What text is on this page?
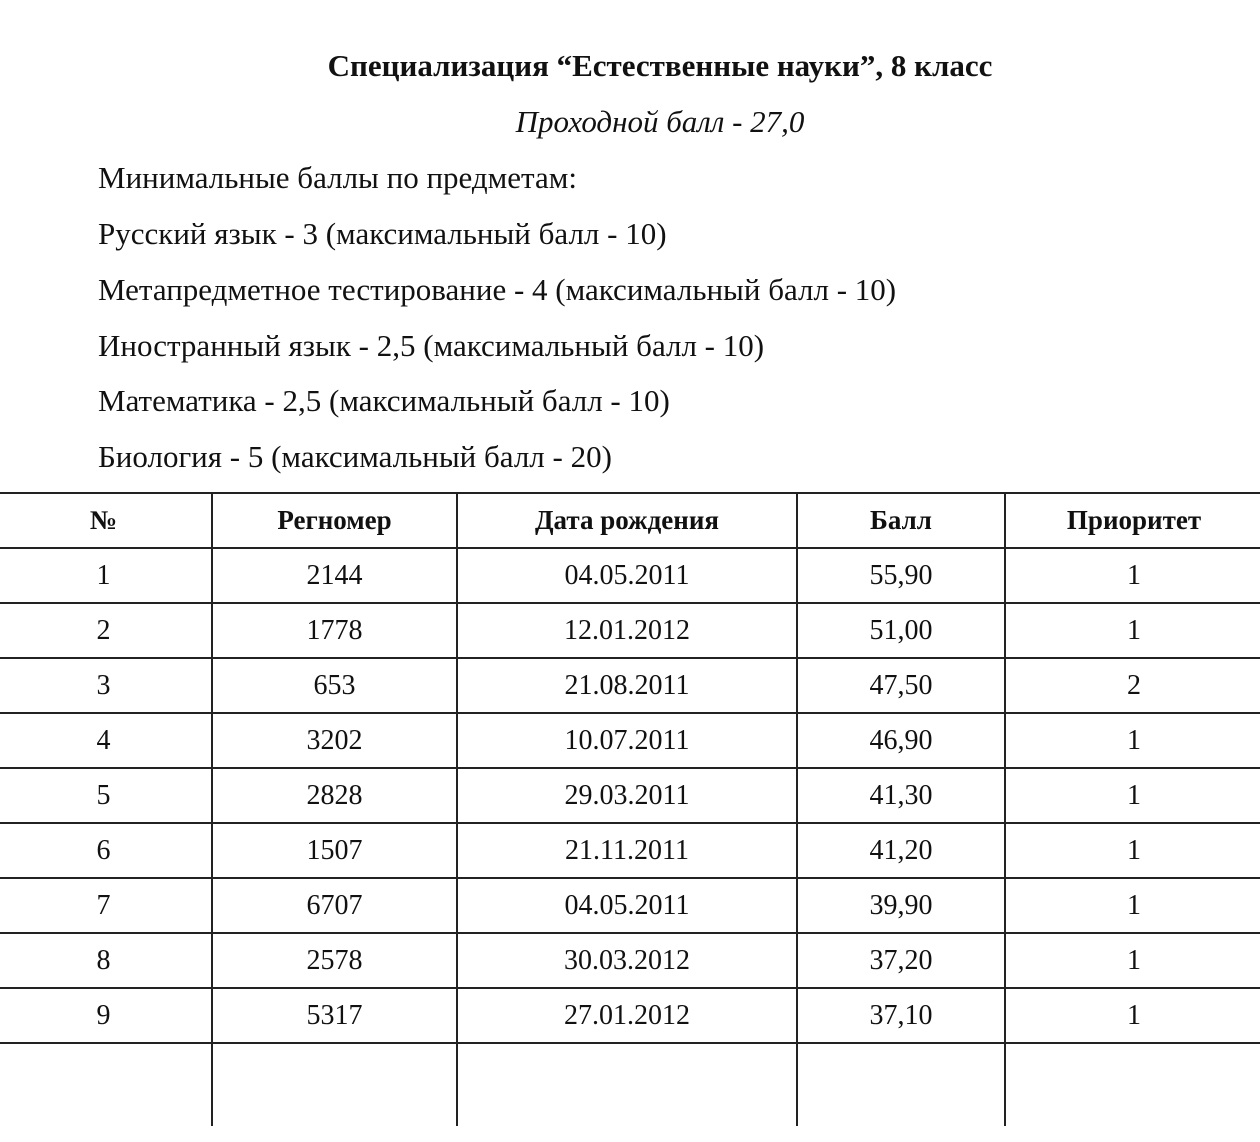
Специализация “Естественные науки”, 8 класс
Проходной балл - 27,0
Минимальные баллы по предметам:
Русский язык - 3 (максимальный балл - 10)
Метапредметное тестирование - 4 (максимальный балл - 10)
Иностранный язык - 2,5 (максимальный балл - 10)
Математика - 2,5 (максимальный балл - 10)
Биология - 5 (максимальный балл - 20)
№	Регномер	Дата рождения	Балл	Приоритет
1	2144	04.05.2011	55,90	1
2	1778	12.01.2012	51,00	1
3	653	21.08.2011	47,50	2
4	3202	10.07.2011	46,90	1
5	2828	29.03.2011	41,30	1
6	1507	21.11.2011	41,20	1
7	6707	04.05.2011	39,90	1
8	2578	30.03.2012	37,20	1
9	5317	27.01.2012	37,10	1
